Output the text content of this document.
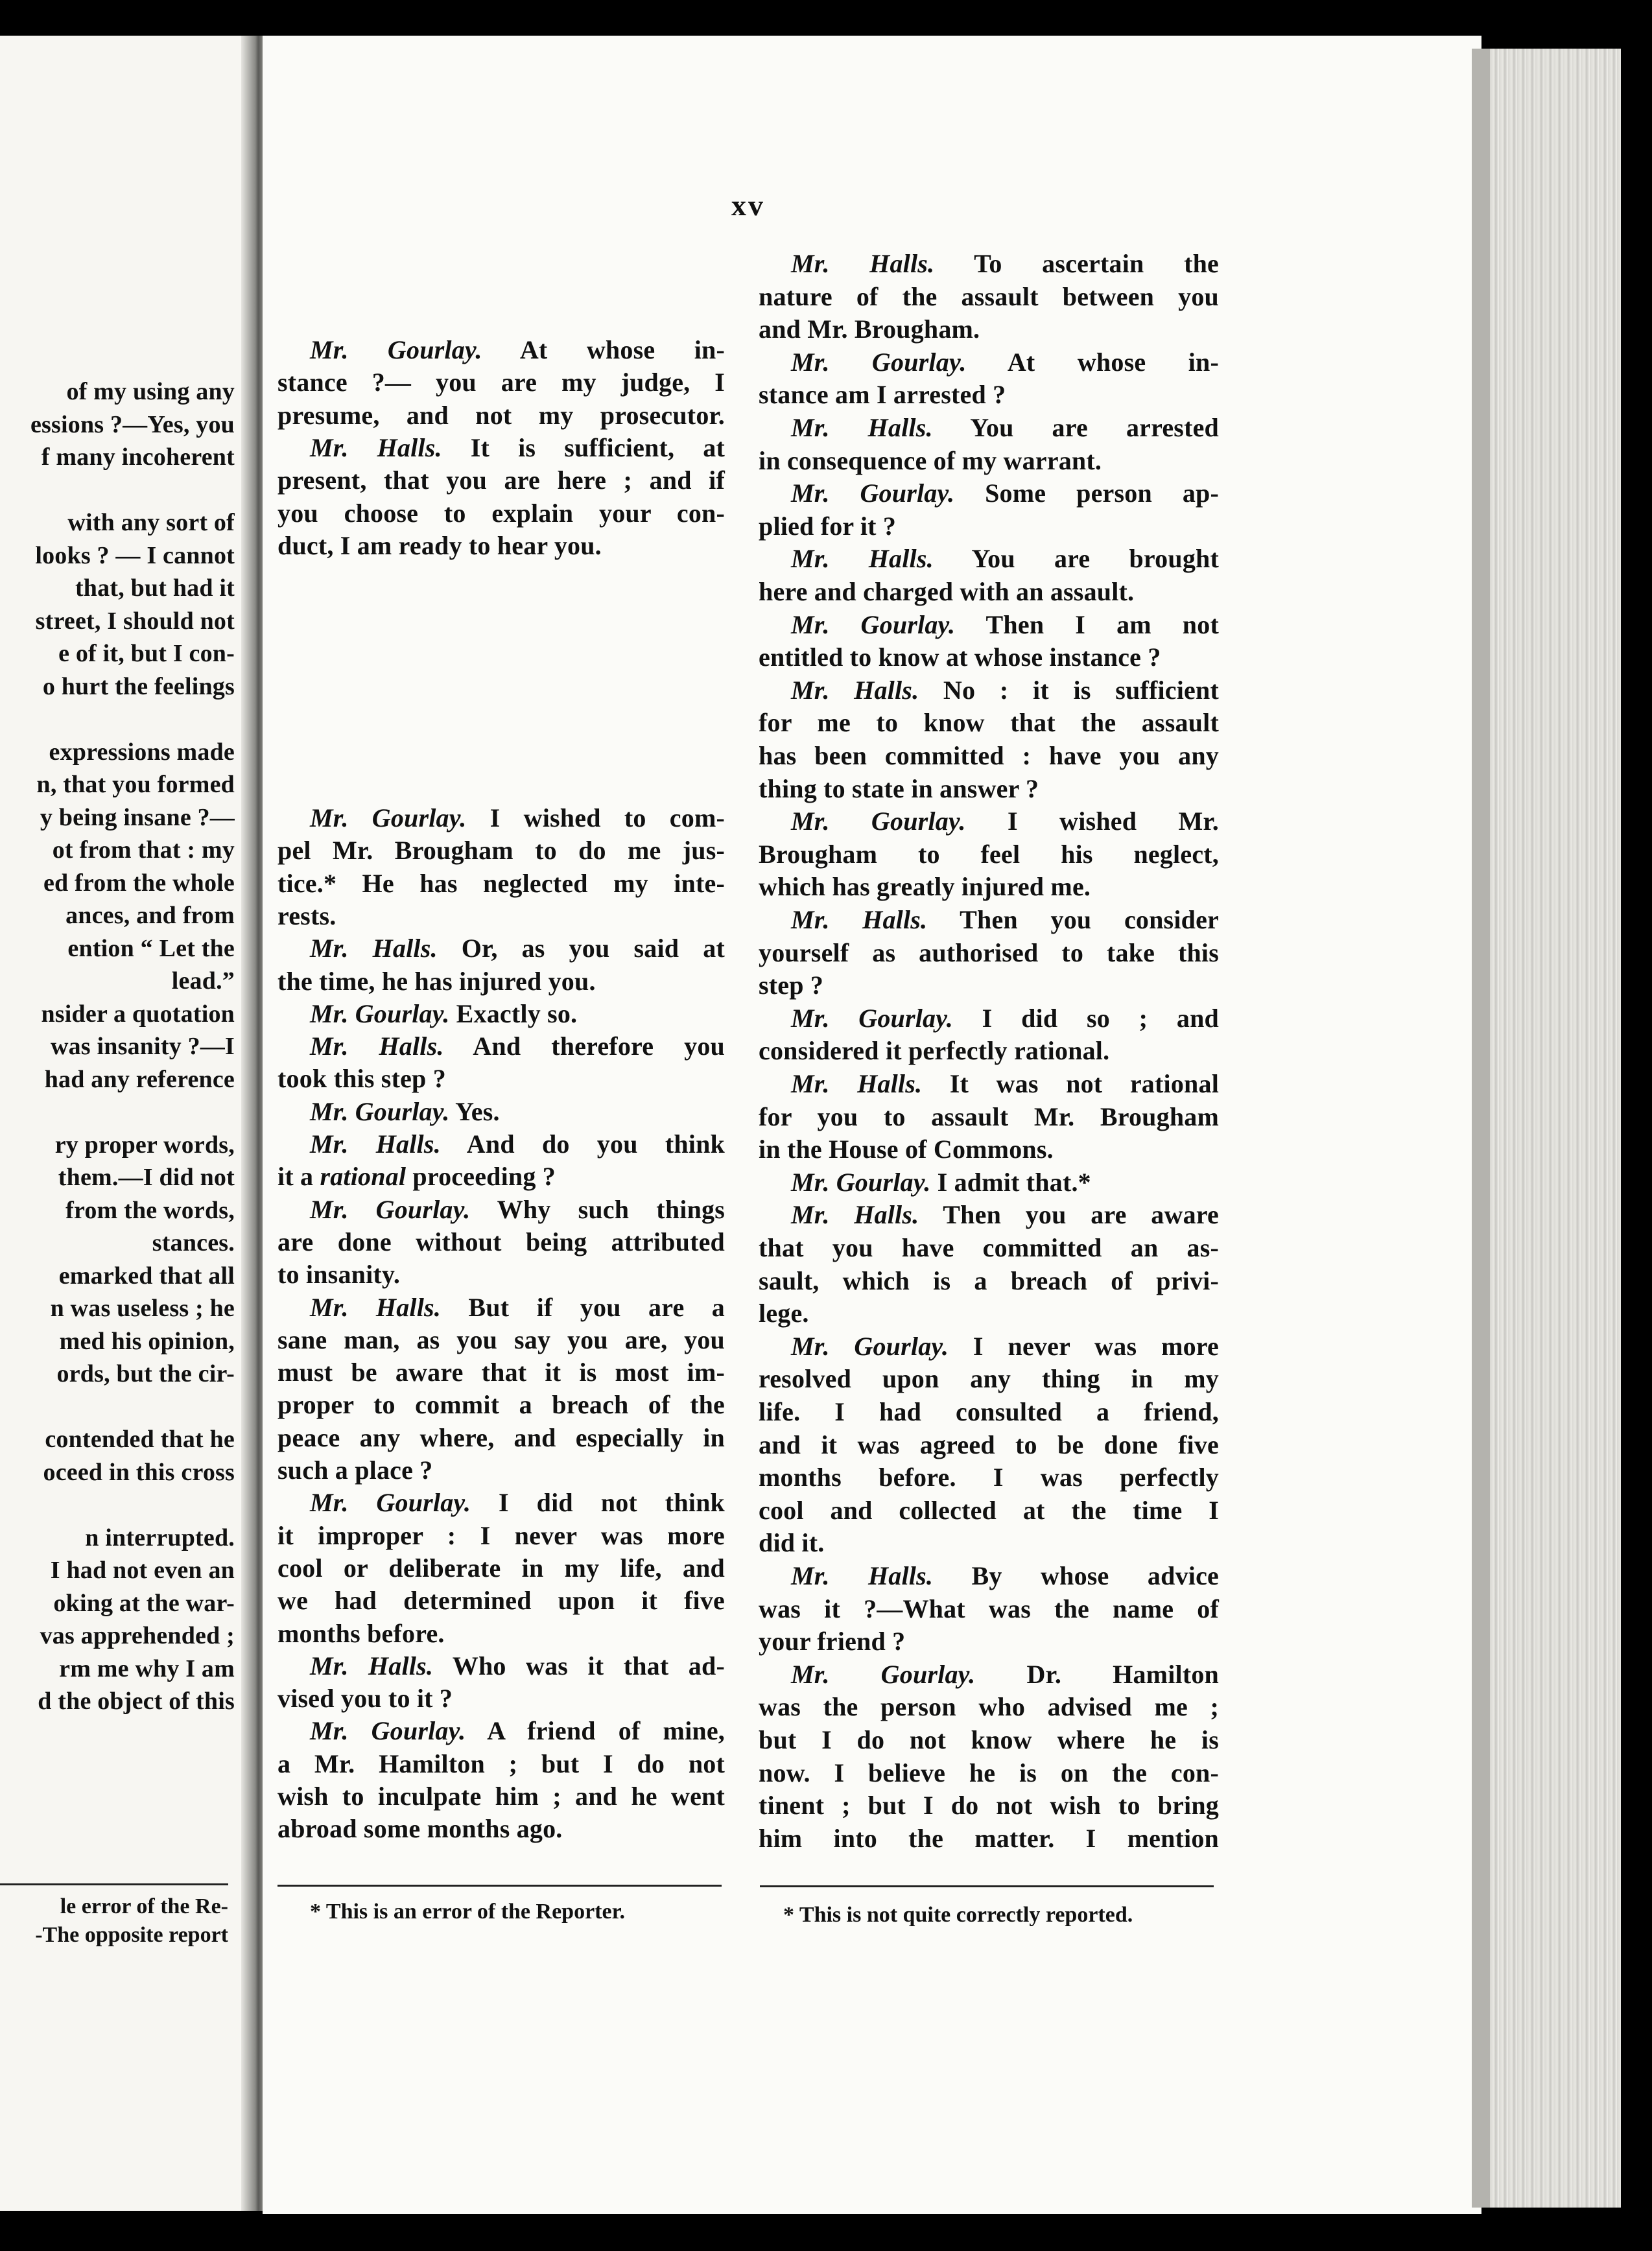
of my using any
essions ?—Yes, you
f many incoherent
with any sort of
looks ? — I cannot
that, but had it
street, I should not
e of it, but I con-
o hurt the feelings
expressions made
n, that you formed
y being insane ?—
ot from that : my
ed from the whole
ances, and from
ention “ Let the
lead.”
nsider a quotation
was insanity ?—I
had any reference
ry proper words,
them.—I did not
from the words,
stances.
emarked that all
n was useless ; he
med his opinion,
ords, but the cir-
contended that he
oceed in this cross
n interrupted.
I had not even an
oking at the war-
vas apprehended ;
rm me why I am
d the object of this
le error of the Re-
-The opposite report
xv
Mr. Gourlay. At whose in-
stance ?— you are my judge, I
presume, and not my prosecutor.
Mr. Halls. It is sufficient, at
present, that you are here ; and if
you choose to explain your con-
duct, I am ready to hear you.
Mr. Gourlay. I wished to com-
pel Mr. Brougham to do me jus-
tice.* He has neglected my inte-
rests.
Mr. Halls. Or, as you said at
the time, he has injured you.
Mr. Gourlay. Exactly so.
Mr. Halls. And therefore you
took this step ?
Mr. Gourlay. Yes.
Mr. Halls. And do you think
it a rational proceeding ?
Mr. Gourlay. Why such things
are done without being attributed
to insanity.
Mr. Halls. But if you are a
sane man, as you say you are, you
must be aware that it is most im-
proper to commit a breach of the
peace any where, and especially in
such a place ?
Mr. Gourlay. I did not think
it improper : I never was more
cool or deliberate in my life, and
we had determined upon it five
months before.
Mr. Halls. Who was it that ad-
vised you to it ?
Mr. Gourlay. A friend of mine,
a Mr. Hamilton ; but I do not
wish to inculpate him ; and he went
abroad some months ago.
Mr. Halls. To ascertain the
nature of the assault between you
and Mr. Brougham.
Mr. Gourlay. At whose in-
stance am I arrested ?
Mr. Halls. You are arrested
in consequence of my warrant.
Mr. Gourlay. Some person ap-
plied for it ?
Mr. Halls. You are brought
here and charged with an assault.
Mr. Gourlay. Then I am not
entitled to know at whose instance ?
Mr. Halls. No : it is sufficient
for me to know that the assault
has been committed : have you any
thing to state in answer ?
Mr. Gourlay. I wished Mr.
Brougham to feel his neglect,
which has greatly injured me.
Mr. Halls. Then you consider
yourself as authorised to take this
step ?
Mr. Gourlay. I did so ; and
considered it perfectly rational.
Mr. Halls. It was not rational
for you to assault Mr. Brougham
in the House of Commons.
Mr. Gourlay. I admit that.*
Mr. Halls. Then you are aware
that you have committed an as-
sault, which is a breach of privi-
lege.
Mr. Gourlay. I never was more
resolved upon any thing in my
life. I had consulted a friend,
and it was agreed to be done five
months before. I was perfectly
cool and collected at the time I
did it.
Mr. Halls. By whose advice
was it ?—What was the name of
your friend ?
Mr. Gourlay. Dr. Hamilton
was the person who advised me ;
but I do not know where he is
now. I believe he is on the con-
tinent ; but I do not wish to bring
him into the matter. I mention
* This is an error of the Reporter.	* This is not quite correctly reported.
